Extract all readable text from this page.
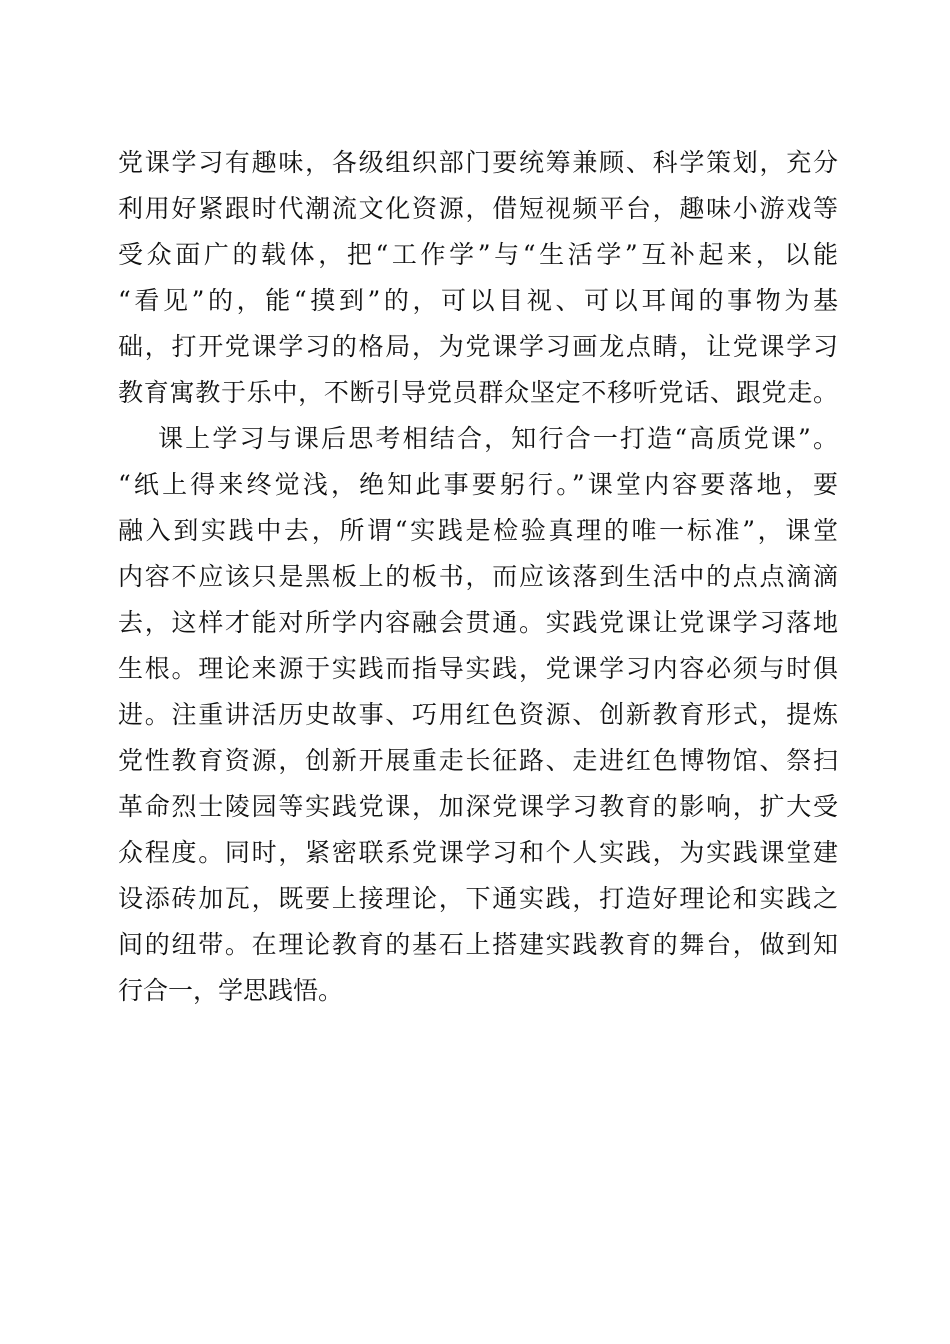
党课学习有趣味，各级组织部门要统筹兼顾、科学策划，充分
利用好紧跟时代潮流文化资源，借短视频平台，趣味小游戏等
受众面广的载体，把“工作学”与“生活学”互补起来，以能
“看见”的，能“摸到”的，可以目视、可以耳闻的事物为基
础，打开党课学习的格局，为党课学习画龙点睛，让党课学习
教育寓教于乐中，不断引导党员群众坚定不移听党话、跟党走。
课上学习与课后思考相结合，知行合一打造“高质党课”。
“纸上得来终觉浅，绝知此事要躬行。”课堂内容要落地，要
融入到实践中去，所谓“实践是检验真理的唯一标准”，课堂
内容不应该只是黑板上的板书，而应该落到生活中的点点滴滴
去，这样才能对所学内容融会贯通。实践党课让党课学习落地
生根。理论来源于实践而指导实践，党课学习内容必须与时俱
进。注重讲活历史故事、巧用红色资源、创新教育形式，提炼
党性教育资源，创新开展重走长征路、走进红色博物馆、祭扫
革命烈士陵园等实践党课，加深党课学习教育的影响，扩大受
众程度。同时，紧密联系党课学习和个人实践，为实践课堂建
设添砖加瓦，既要上接理论，下通实践，打造好理论和实践之
间的纽带。在理论教育的基石上搭建实践教育的舞台，做到知
行合一，学思践悟。
